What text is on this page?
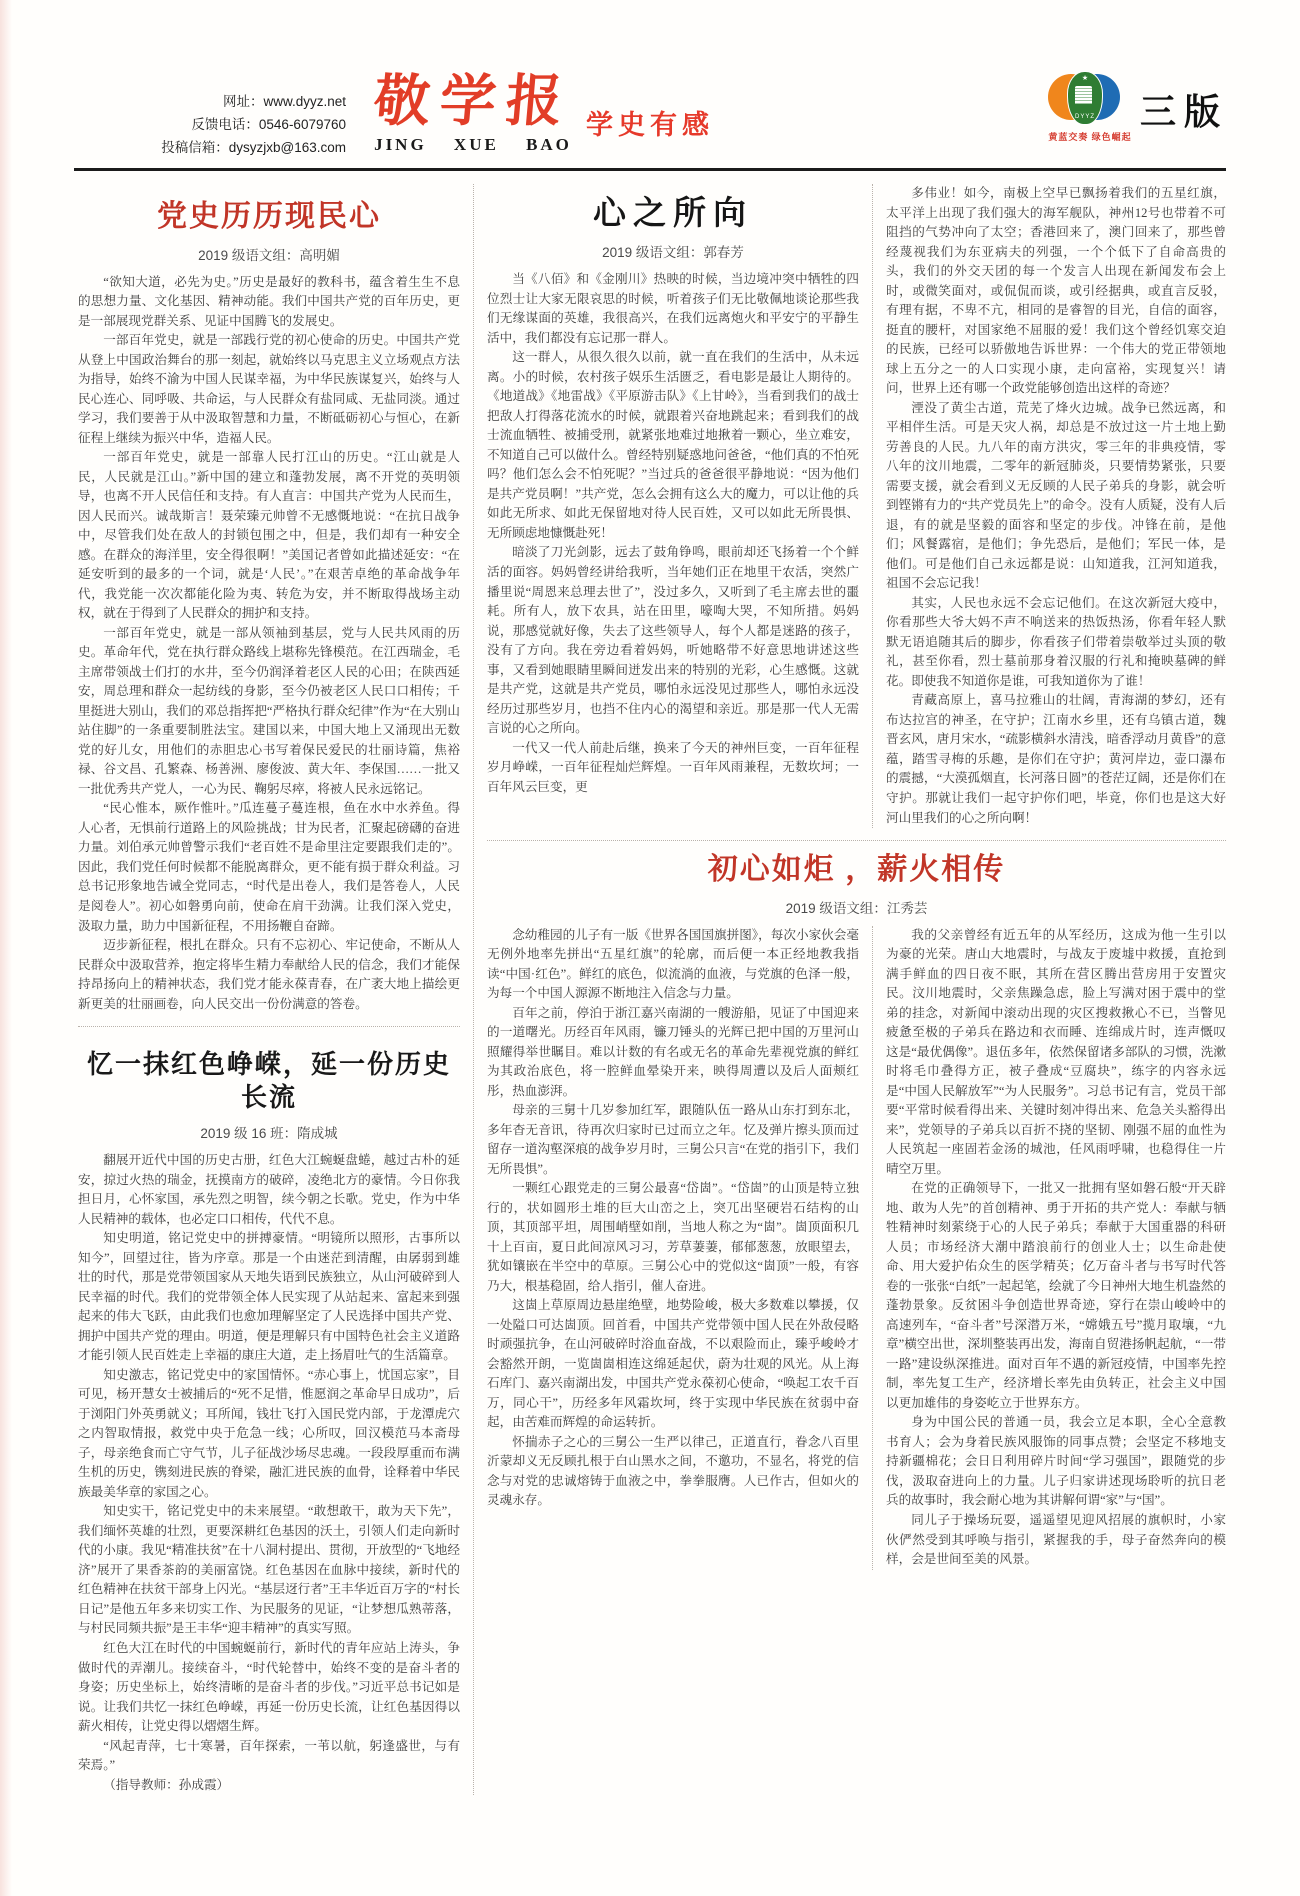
网址：www.dyyz.net
反馈电话：0546-6079760
投稿信箱：dysyzjxb@163.com
敬学报
JING XUE BAO
学史有感
★
DYYZ
黄蓝交奏 绿色崛起
三版
党史历历现民心

2019 级语文组：高明媚

“欲知大道，必先为史。”历史是最好的教科书，蕴含着生生不息的思想力量、文化基因、精神动能。我们中国共产党的百年历史，更是一部展现党群关系、见证中国腾飞的发展史。

一部百年党史，就是一部践行党的初心使命的历史。中国共产党从登上中国政治舞台的那一刻起，就始终以马克思主义立场观点方法为指导，始终不渝为中国人民谋幸福，为中华民族谋复兴，始终与人民心连心、同呼吸、共命运，与人民群众有盐同咸、无盐同淡。通过学习，我们要善于从中汲取智慧和力量，不断砥砺初心与恒心，在新征程上继续为振兴中华，造福人民。

一部百年党史，就是一部靠人民打江山的历史。“江山就是人民，人民就是江山。”新中国的建立和蓬勃发展，离不开党的英明领导，也离不开人民信任和支持。有人直言：中国共产党为人民而生，因人民而兴。诚哉斯言！聂荣臻元帅曾不无感慨地说：“在抗日战争中，尽管我们处在敌人的封锁包围之中，但是，我们却有一种安全感。在群众的海洋里，安全得很啊！”美国记者曾如此描述延安：“在延安听到的最多的一个词，就是‘人民’。”在艰苦卓绝的革命战争年代，我党能一次次都能化险为夷、转危为安，并不断取得战场主动权，就在于得到了人民群众的拥护和支持。

一部百年党史，就是一部从领袖到基层，党与人民共风雨的历史。革命年代，党在执行群众路线上堪称先锋模范。在江西瑞金，毛主席带领战士们打的水井，至今仍润泽着老区人民的心田；在陕西延安，周总理和群众一起纺线的身影，至今仍被老区人民口口相传；千里挺进大别山，我们的邓总指挥把“严格执行群众纪律”作为“在大别山站住脚”的一条重要制胜法宝。建国以来，中国大地上又涌现出无数党的好儿女，用他们的赤胆忠心书写着保民爱民的壮丽诗篇，焦裕禄、谷文昌、孔繁森、杨善洲、廖俊波、黄大年、李保国……一批又一批优秀共产党人，一心为民、鞠躬尽瘁，将被人民永远铭记。

“民心惟本，厥作惟叶。”瓜连蔓子蔓连根，鱼在水中水养鱼。得人心者，无惧前行道路上的风险挑战；甘为民者，汇聚起磅礴的奋进力量。刘伯承元帅曾警示我们“老百姓不是命里注定要跟我们走的”。因此，我们党任何时候都不能脱离群众，更不能有损于群众利益。习总书记形象地告诫全党同志，“时代是出卷人，我们是答卷人，人民是阅卷人”。初心如磐勇向前，使命在肩干劲满。让我们深入党史，汲取力量，助力中国新征程，不用扬鞭自奋蹄。

迈步新征程，根扎在群众。只有不忘初心、牢记使命，不断从人民群众中汲取营养，抱定将毕生精力奉献给人民的信念，我们才能保持昂扬向上的精神状态，我们党才能永葆青春，在广袤大地上描绘更新更美的壮丽画卷，向人民交出一份份满意的答卷。

忆一抹红色峥嵘，延一份历史长流

2019 级 16 班：隋成城

翻展开近代中国的历史古册，红色大江蜿蜒盘蜷，越过古朴的延安，掠过火热的瑞金，抚摸南方的破碎，凌绝北方的豪情。今日你我担日月，心怀家国，承先烈之明智，续今朝之长歌。党史，作为中华人民精神的载体，也必定口口相传，代代不息。

知史明道，铭记党史中的拼搏豪情。“明镜所以照形，古事所以知今”，回望过往，皆为序章。那是一个由迷茫到清醒，由孱弱到雄壮的时代，那是党带领国家从天地失语到民族独立，从山河破碎到人民幸福的时代。我们的党带领全体人民实现了从站起来、富起来到强起来的伟大飞跃，由此我们也愈加理解坚定了人民选择中国共产党、拥护中国共产党的理由。明道，便是理解只有中国特色社会主义道路才能引领人民百姓走上幸福的康庄大道，走上扬眉吐气的生活篇章。

知史激志，铭记党史中的家国情怀。“赤心事上，忧国忘家”，目可见，杨开慧女士被捕后的“死不足惜，惟愿润之革命早日成功”，后于浏阳门外英勇就义；耳所闻，钱壮飞打入国民党内部，于龙潭虎穴之内智取情报，救党中央于危急一线；心所叹，回汉模范马本斋母子，母亲绝食而亡守气节，儿子征战沙场尽忠魂。一段段厚重而布满生机的历史，镌刻进民族的脊梁，融汇进民族的血骨，诠释着中华民族最美华章的家国之心。

知史实干，铭记党史中的未来展望。“敢想敢干，敢为天下先”，我们缅怀英雄的壮烈，更要深耕红色基因的沃土，引领人们走向新时代的小康。我见“精准扶贫”在十八洞村提出、贯彻，开放型的“飞地经济”展开了果香茶韵的美丽富饶。红色基因在血脉中接续，新时代的红色精神在扶贫干部身上闪光。“基层迓行者”王丰华近百万字的“村长日记”是他五年多来切实工作、为民服务的见证，“让梦想瓜熟蒂落，与村民同频共振”是王丰华“迎丰精神”的真实写照。

红色大江在时代的中国蜿蜒前行，新时代的青年应站上涛头，争做时代的弄潮儿。接续奋斗，“时代轮替中，始终不变的是奋斗者的身姿；历史坐标上，始终清晰的是奋斗者的步伐。”习近平总书记如是说。让我们共忆一抹红色峥嵘，再延一份历史长流，让红色基因得以薪火相传，让党史得以熠熠生辉。

“风起青萍，七十寒暑，百年探索，一苇以航，躬逢盛世，与有荣焉。”

（指导教师：孙成霞）

心之所向

2019 级语文组：郭春芳

当《八佰》和《金刚川》热映的时候，当边境冲突中牺牲的四位烈士让大家无限哀思的时候，听着孩子们无比敬佩地谈论那些我们无缘谋面的英雄，我很高兴，在我们远离炮火和平安宁的平静生活中，我们都没有忘记那一群人。

这一群人，从很久很久以前，就一直在我们的生活中，从未远离。小的时候，农村孩子娱乐生活匮乏，看电影是最让人期待的。《地道战》《地雷战》《平原游击队》《上甘岭》，当看到我们的战士把敌人打得落花流水的时候，就跟着兴奋地跳起来；看到我们的战士流血牺牲、被捕受刑，就紧张地难过地揪着一颗心，坐立难安，不知道自己可以做什么。曾经特别疑惑地问爸爸，“他们真的不怕死吗？他们怎么会不怕死呢？”当过兵的爸爸很平静地说：“因为他们是共产党员啊！”共产党，怎么会拥有这么大的魔力，可以让他的兵如此无所求、如此无保留地对待人民百姓，又可以如此无所畏惧、无所顾虑地慷慨赴死！

暗淡了刀光剑影，远去了鼓角铮鸣，眼前却还飞扬着一个个鲜活的面容。妈妈曾经讲给我听，当年她们正在地里干农活，突然广播里说“周恩来总理去世了”，没过多久，又听到了毛主席去世的噩耗。所有人，放下农具，站在田里，嚎啕大哭，不知所措。妈妈说，那感觉就好像，失去了这些领导人，每个人都是迷路的孩子，没有了方向。我在旁边看着妈妈，听她略带不好意思地讲述这些事，又看到她眼睛里瞬间迸发出来的特别的光彩，心生感慨。这就是共产党，这就是共产党员，哪怕永远没见过那些人，哪怕永远没经历过那些岁月，也挡不住内心的渴望和亲近。那是那一代人无需言说的心之所向。

一代又一代人前赴后继，换来了今天的神州巨变，一百年征程岁月峥嵘，一百年征程灿烂辉煌。一百年风雨兼程，无数坎坷；一百年风云巨变，更

多伟业！如今，南极上空早已飘扬着我们的五星红旗，太平洋上出现了我们强大的海军舰队，神州12号也带着不可阻挡的气势冲向了太空；香港回来了，澳门回来了，那些曾经蔑视我们为东亚病夫的列强，一个个低下了自命高贵的头，我们的外交天团的每一个发言人出现在新闻发布会上时，或微笑面对，或侃侃而谈，或引经据典，或直言反驳，有理有据，不卑不亢，相同的是睿智的目光，自信的面容，挺直的腰杆，对国家绝不屈服的爱！我们这个曾经饥寒交迫的民族，已经可以骄傲地告诉世界：一个伟大的党正带领地球上五分之一的人口实现小康，走向富裕，实现复兴！请问，世界上还有哪一个政党能够创造出这样的奇迹？

湮没了黄尘古道，荒芜了烽火边城。战争已然远离，和平相伴生活。可是天灾人祸，却总是不放过这一片土地上勤劳善良的人民。九八年的南方洪灾，零三年的非典疫情，零八年的汶川地震，二零年的新冠肺炎，只要情势紧张，只要需要支援，就会看到义无反顾的人民子弟兵的身影，就会听到铿锵有力的“共产党员先上”的命令。没有人质疑，没有人后退，有的就是坚毅的面容和坚定的步伐。冲锋在前，是他们；风餐露宿，是他们；争先恐后，是他们；军民一体，是他们。可是他们自己永远都是说：山知道我，江河知道我，祖国不会忘记我！

其实，人民也永远不会忘记他们。在这次新冠大疫中，你看那些大爷大妈不声不响送来的热饭热汤，你看年轻人默默无语追随其后的脚步，你看孩子们带着崇敬举过头顶的敬礼，甚至你看，烈士墓前那身着汉服的行礼和掩映墓碑的鲜花。即使我不知道你是谁，可我知道你为了谁！

青藏高原上，喜马拉雅山的壮阔，青海湖的梦幻，还有布达拉宫的神圣，在守护；江南水乡里，还有乌镇古道，魏晋玄风，唐月宋水，“疏影横斜水清浅，暗香浮动月黄昏”的意蕴，踏雪寻梅的乐趣，是你们在守护；黄河岸边，壶口瀑布的震撼，“大漠孤烟直，长河落日圆”的苍茫辽阔，还是你们在守护。那就让我们一起守护你们吧，毕竟，你们也是这大好河山里我们的心之所向啊！

初心如炬 ，薪火相传

2019 级语文组：江秀芸

念幼稚园的儿子有一版《世界各国国旗拼图》，每次小家伙会毫无例外地率先拼出“五星红旗”的轮廓，而后便一本正经地教我指读“中国·红色”。鲜红的底色，似流淌的血液，与党旗的色泽一般，为每一个中国人源源不断地注入信念与力量。

百年之前，停泊于浙江嘉兴南湖的一艘游船，见证了中国迎来的一道曙光。历经百年风雨，镰刀锤头的光辉已把中国的万里河山照耀得举世瞩目。难以计数的有名或无名的革命先辈视党旗的鲜红为其政治底色，将一腔鲜血晕染开来，映得周遭以及后人面颊红彤，热血澎湃。

母亲的三舅十几岁参加红军，跟随队伍一路从山东打到东北，多年杳无音讯，待再次归家时已过而立之年。忆及弹片擦头顶而过留存一道沟壑深痕的战争岁月时，三舅公只言“在党的指引下，我们无所畏惧”。

一颗红心跟党走的三舅公最喜“岱崮”。“岱崮”的山顶是特立独行的，状如圆形土堆的巨大山峦之上，突兀出坚硬岩石结构的山顶，其顶部平坦，周围峭壁如削，当地人称之为“崮”。崮顶面积几十上百亩，夏日此间凉风习习，芳草萋萋，郁郁葱葱，放眼望去，犹如镶嵌在半空中的草原。三舅公心中的党似这“崮顶”一般，有容乃大，根基稳固，给人指引，催人奋进。

这崮上草原周边悬崖绝壁，地势险峻，极大多数难以攀援，仅一处隘口可达崮顶。回首看，中国共产党带领中国人民在外敌侵略时顽强抗争，在山河破碎时浴血奋战，不以艰险而止，臻乎峻岭才会豁然开朗，一览崮崮相连这绵延起伏，蔚为壮观的风光。从上海石库门、嘉兴南湖出发，中国共产党永葆初心使命，“唤起工农千百万，同心干”，历经多年风霜坎坷，终于实现中华民族在贫弱中奋起，由苦难而辉煌的命运转折。

怀揣赤子之心的三舅公一生严以律己，正道直行，眷念八百里沂蒙却义无反顾扎根于白山黑水之间，不邀功，不显名，将党的信念与对党的忠诚熔铸于血液之中，拳拳服膺。人已作古，但如火的灵魂永存。

我的父亲曾经有近五年的从军经历，这成为他一生引以为豪的光荣。唐山大地震时，与战友于废墟中救援，直抢到满手鲜血的四日夜不眠，其所在营区腾出营房用于安置灾民。汶川地震时，父亲焦躁急虑，脸上写满对困于震中的堂弟的挂念，对新闻中滚动出现的灾区搜救揪心不已，当瞥见疲惫至极的子弟兵在路边和衣而睡、连绵成片时，连声慨叹这是“最优偶像”。退伍多年，依然保留诸多部队的习惯，洗漱时将毛巾叠得方正，被子叠成“豆腐块”，练字的内容永远是“中国人民解放军”“为人民服务”。习总书记有言，党员干部要“平常时候看得出来、关键时刻冲得出来、危急关头豁得出来”，党领导的子弟兵以百折不挠的坚韧、刚强不屈的血性为人民筑起一座固若金汤的城池，任风雨呼啸，也稳得住一片晴空万里。

在党的正确领导下，一批又一批拥有坚如磐石般“开天辟地、敢为人先”的首创精神、勇于开拓的共产党人：奉献与牺牲精神时刻萦绕于心的人民子弟兵；奉献于大国重器的科研人员；市场经济大潮中踏浪前行的创业人士；以生命赴使命、用大爱护佑众生的医学精英；亿万奋斗者与书写时代答卷的一张张“白纸”一起起笔，绘就了今日神州大地生机盎然的蓬勃景象。反贫困斗争创造世界奇迹，穿行在崇山峻岭中的高速列车，“奋斗者”号深潜万米，“嫦娥五号”揽月取壤，“九章”横空出世，深圳整装再出发，海南自贸港扬帆起航，“一带一路”建设纵深推进。面对百年不遇的新冠疫情，中国率先控制，率先复工生产，经济增长率先由负转正，社会主义中国以更加雄伟的身姿屹立于世界东方。

身为中国公民的普通一员，我会立足本职，全心全意教书育人；会为身着民族风服饰的同事点赞；会坚定不移地支持新疆棉花；会日日利用碎片时间“学习强国”，跟随党的步伐，汲取奋进向上的力量。儿子归家讲述现场聆听的抗日老兵的故事时，我会耐心地为其讲解何谓“家”与“国”。

同儿子于操场玩耍，遥遥望见迎风招展的旗帜时，小家伙俨然受到其呼唤与指引，紧握我的手，母子奋然奔向的模样，会是世间至美的风景。
